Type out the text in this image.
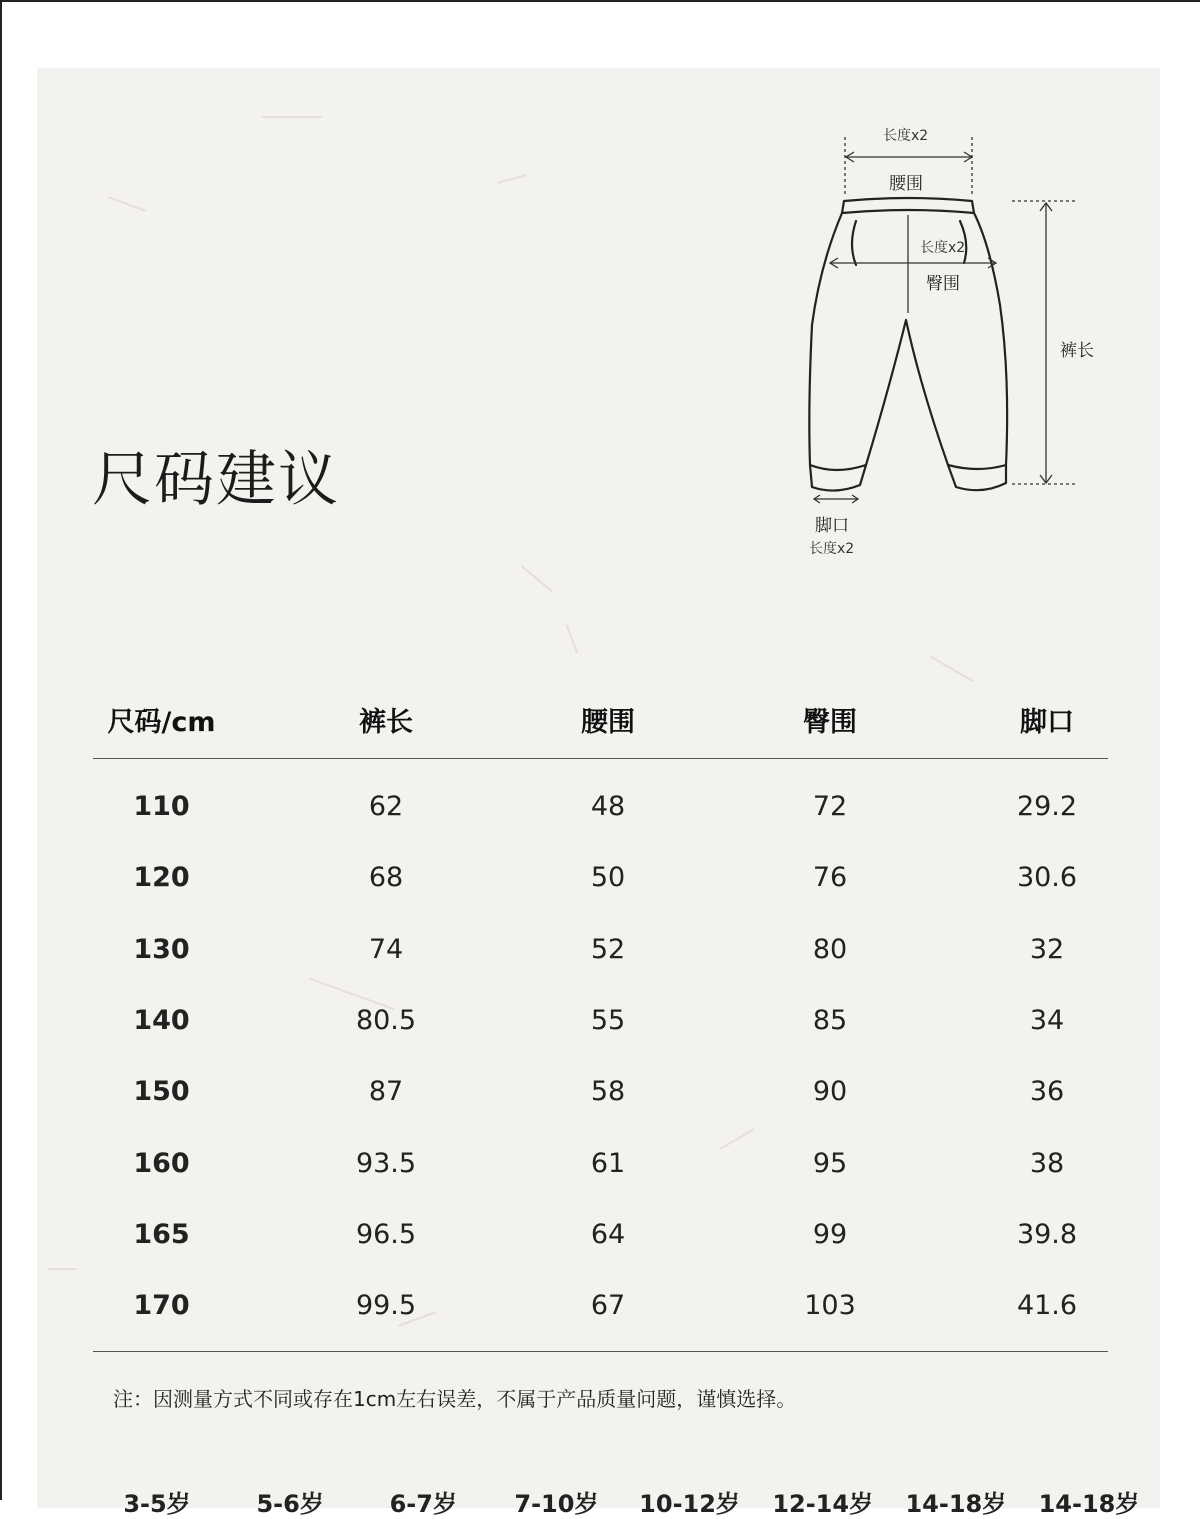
尺码建议
长度x2
腰围
长度x2
臀围
裤长
脚口
长度x2
尺码/cm	裤长	腰围	臀围	脚口
110	62	48	72	29.2
120	68	50	76	30.6
130	74	52	80	32
140	80.5	55	85	34
150	87	58	90	36
160	93.5	61	95	38
165	96.5	64	99	39.8
170	99.5	67	103	41.6
注：因测量方式不同或存在1cm左右误差，不属于产品质量问题，谨慎选择。
3-5岁	5-6岁	6-7岁	7-10岁	10-12岁	12-14岁	14-18岁	14-18岁
